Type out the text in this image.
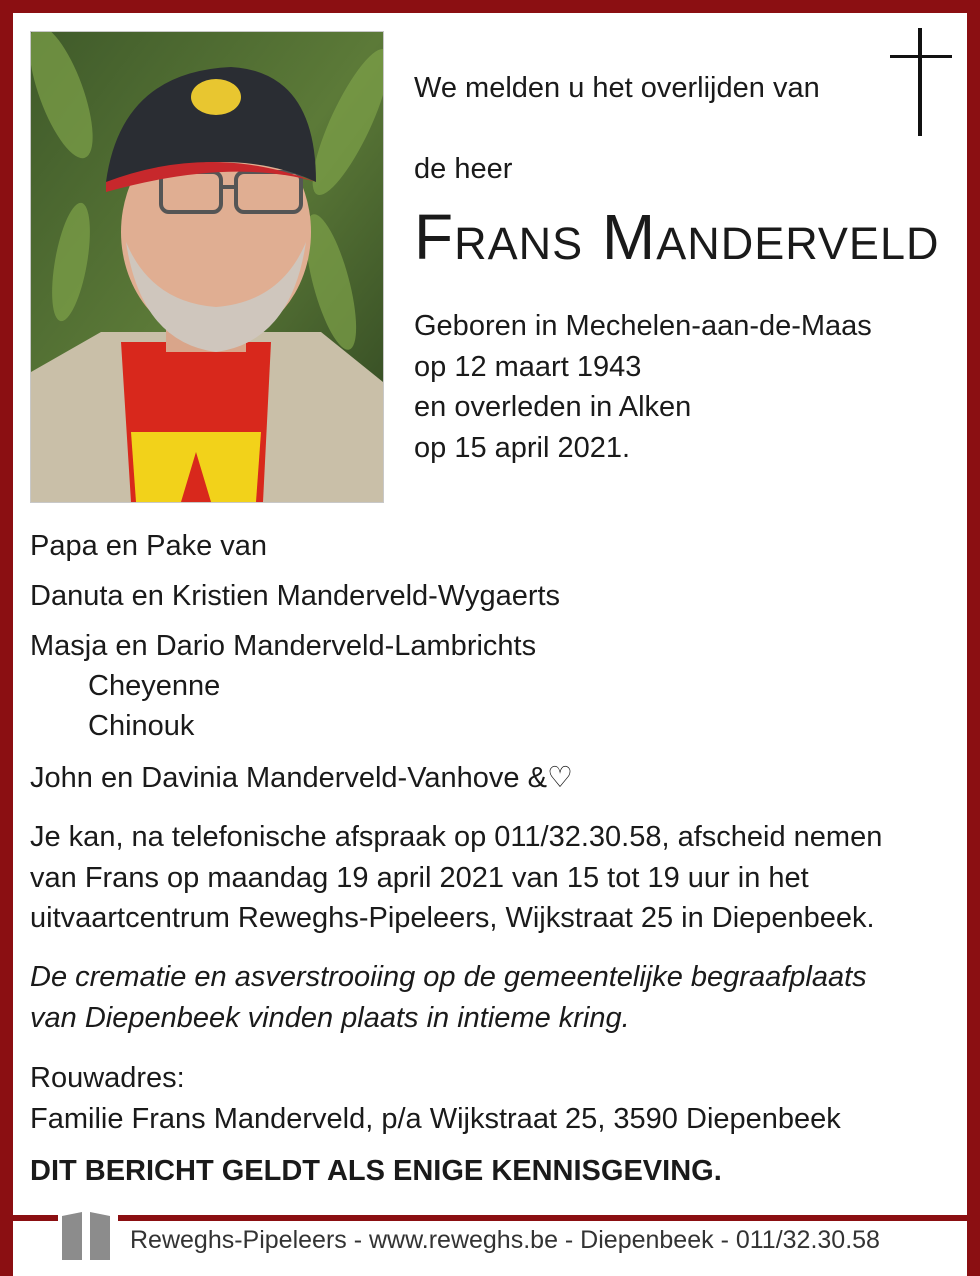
We melden u het overlijden van
de heer
Frans Manderveld
Geboren in Mechelen-aan-de-Maas
op 12 maart 1943
en overleden in Alken
op 15 april 2021.
Papa en Pake van
Danuta en Kristien Manderveld-Wygaerts
Masja en Dario Manderveld-Lambrichts
Cheyenne
Chinouk
John en Davinia Manderveld-Vanhove &♡
Je kan, na telefonische afspraak op 011/32.30.58, afscheid nemen
van Frans op maandag 19 april 2021 van 15 tot 19 uur in het
uitvaartcentrum Reweghs-Pipeleers, Wijkstraat 25 in Diepenbeek.
De crematie en asverstrooiing op de gemeentelijke begraafplaats
van Diepenbeek vinden plaats in intieme kring.
Rouwadres:
Familie Frans Manderveld, p/a Wijkstraat 25, 3590 Diepenbeek
DIT BERICHT GELDT ALS ENIGE KENNISGEVING.
Reweghs-Pipeleers - www.reweghs.be - Diepenbeek - 011/32.30.58
